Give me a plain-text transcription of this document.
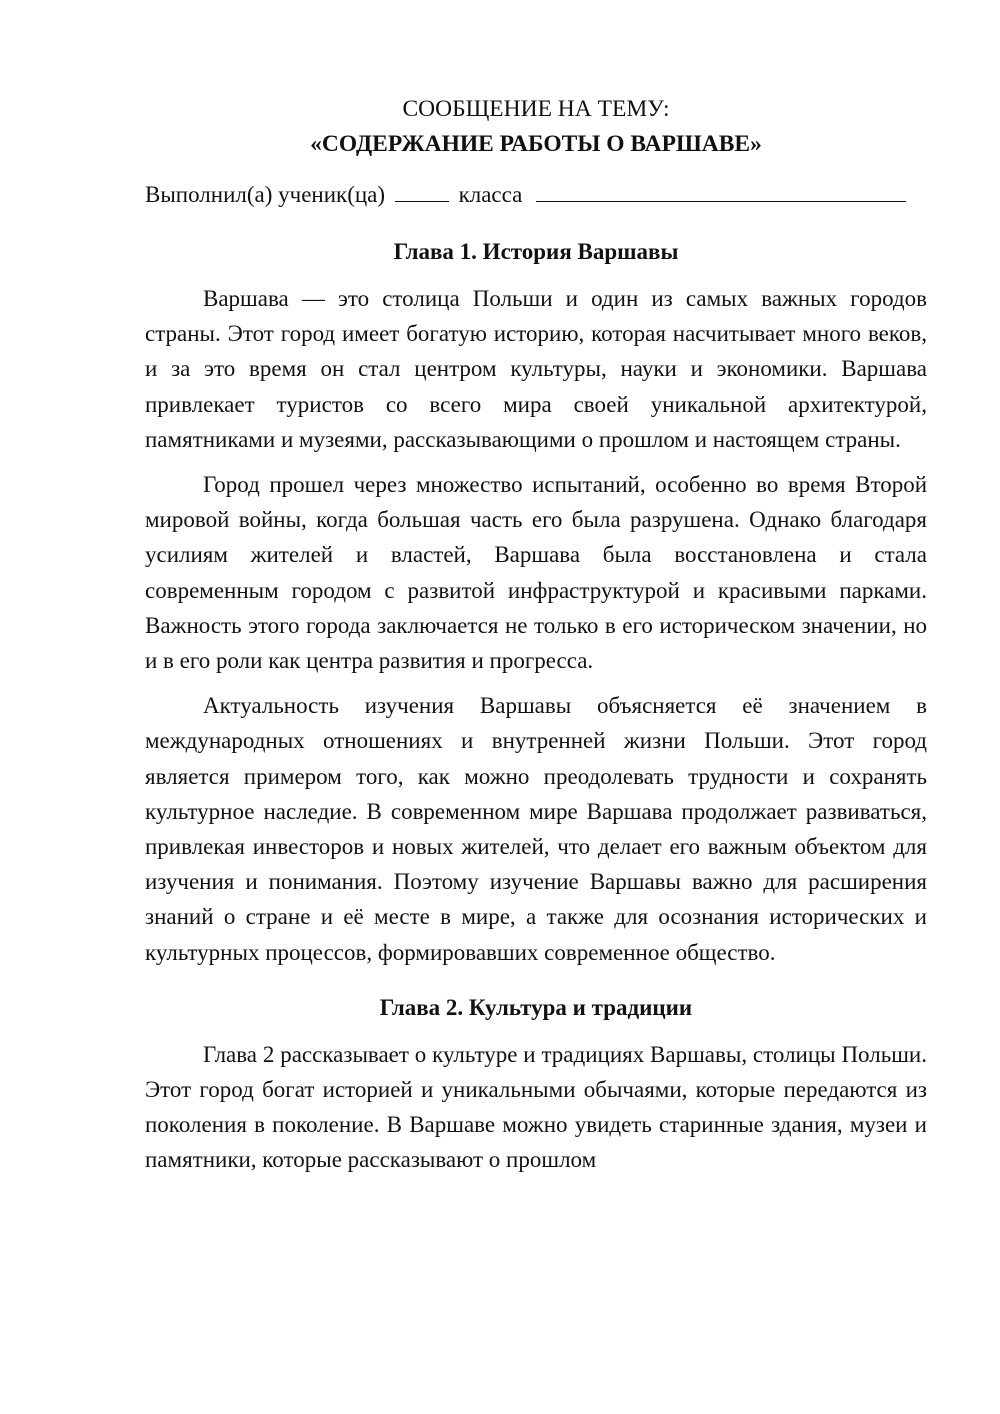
СООБЩЕНИЕ НА ТЕМУ:

«СОДЕРЖАНИЕ РАБОТЫ О ВАРШАВЕ»

Выполнил(а) ученик(ца)	класса
Глава 1. История Варшавы

Варшава — это столица Польши и один из самых важных городов страны. Этот город имеет богатую историю, которая насчитывает много веков, и за это время он стал центром культуры, науки и экономики. Варшава привлекает туристов со всего мира своей уникальной архитектурой, памятниками и музеями, рассказывающими о прошлом и настоящем страны.

Город прошел через множество испытаний, особенно во время Второй мировой войны, когда большая часть его была разрушена. Однако благодаря усилиям жителей и властей, Варшава была восстановлена и стала современным городом с развитой инфраструктурой и красивыми парками. Важность этого города заключается не только в его историческом значении, но и в его роли как центра развития и прогресса.

Актуальность изучения Варшавы объясняется её значением в международных отношениях и внутренней жизни Польши. Этот город является примером того, как можно преодолевать трудности и сохранять культурное наследие. В современном мире Варшава продолжает развиваться, привлекая инвесторов и новых жителей, что делает его важным объектом для изучения и понимания. Поэтому изучение Варшавы важно для расширения знаний о стране и её месте в мире, а также для осознания исторических и культурных процессов, формировавших современное общество.

Глава 2. Культура и традиции

Глава 2 рассказывает о культуре и традициях Варшавы, столицы Польши. Этот город богат историей и уникальными обычаями, которые передаются из поколения в поколение. В Варшаве можно увидеть старинные здания, музеи и памятники, которые рассказывают о прошлом
